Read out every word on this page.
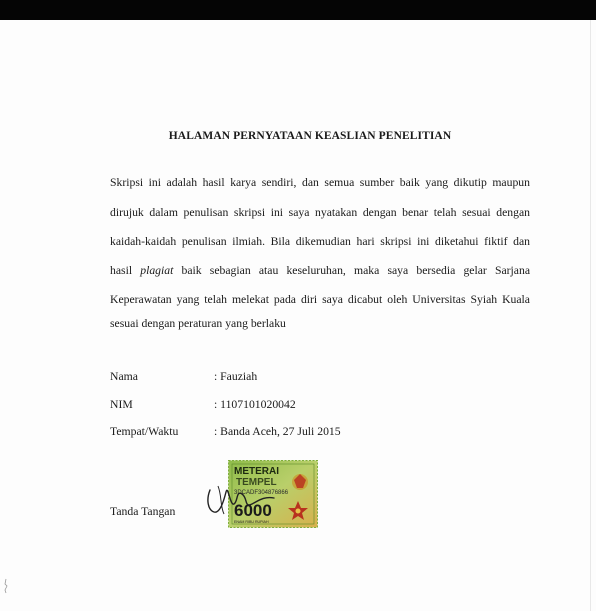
HALAMAN PERNYATAAN KEASLIAN PENELITIAN

Skripsi ini adalah hasil karya sendiri, dan semua sumber baik yang dikutip maupun

dirujuk dalam penulisan skripsi ini saya nyatakan dengan benar telah sesuai dengan

kaidah-kaidah penulisan ilmiah. Bila dikemudian hari skripsi ini diketahui fiktif dan

hasil plagiat baik sebagian atau keseluruhan, maka saya bersedia gelar Sarjana

Keperawatan yang telah melekat pada diri saya dicabut oleh Universitas Syiah Kuala

sesuai dengan peraturan yang berlaku

Nama	: Fauziah

NIM	: 1107101020042

Tempat/Waktu	: Banda Aceh, 27 Juli 2015

Tanda Tangan

METERAI
TEMPEL
3DCADF304876866
6000
ENAM RIBU RUPIAH
